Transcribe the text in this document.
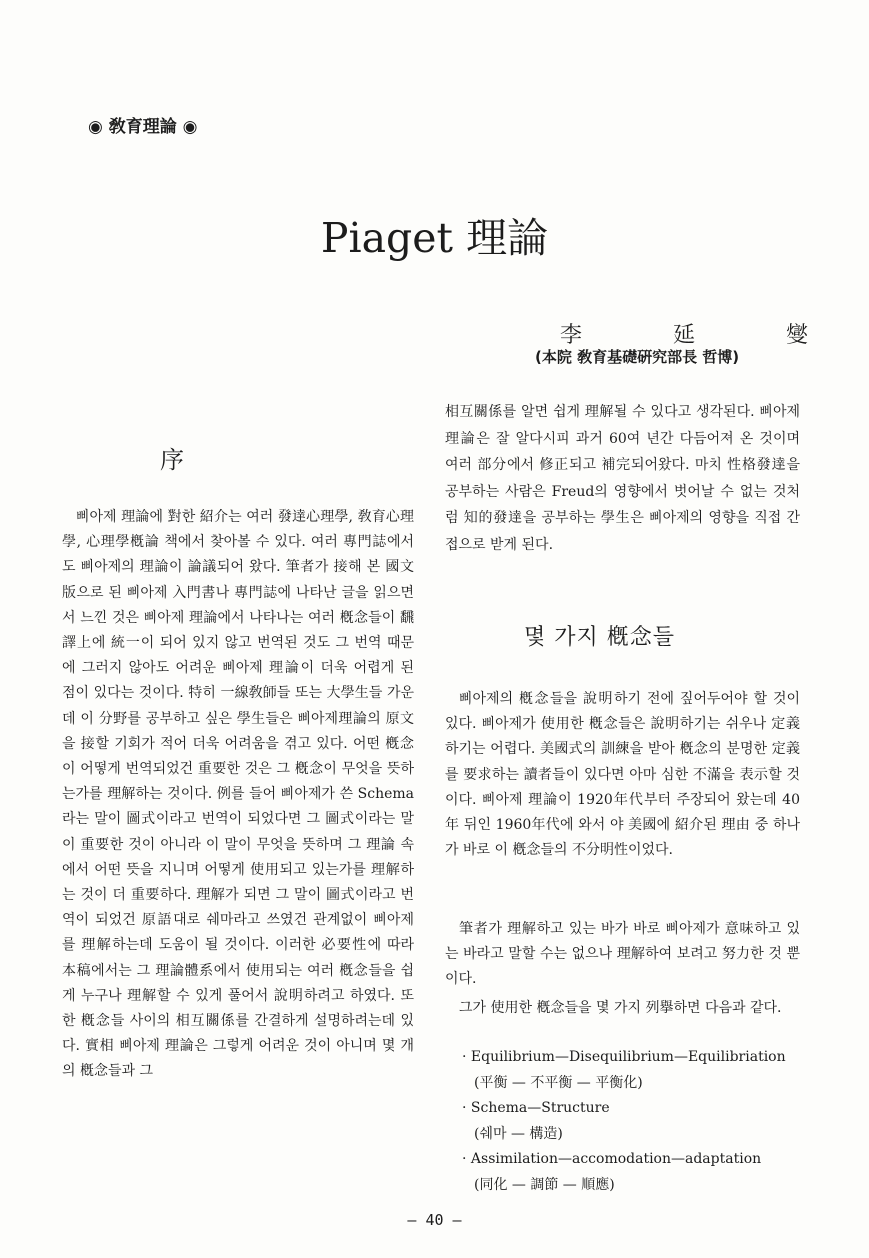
◉ 敎育理論 ◉
Piaget 理論
李 延 燮
(本院 敎育基礎硏究部長 哲博)
序

삐아제 理論에 對한 紹介는 여러 發達心理學, 敎育心理學, 心理學槪論 책에서 찾아볼 수 있다. 여러 專門誌에서도 삐아제의 理論이 論議되어 왔다. 筆者가 接해 본 國文版으로 된 삐아제 入門書나 專門誌에 나타난 글을 읽으면서 느낀 것은 삐아제 理論에서 나타나는 여러 槪念들이 飜譯上에 統一이 되어 있지 않고 번역된 것도 그 번역 때문에 그러지 않아도 어려운 삐아제 理論이 더욱 어렵게 된 점이 있다는 것이다. 特히 一線敎師들 또는 大學生들 가운데 이 分野를 공부하고 싶은 學生들은 삐아제理論의 原文을 接할 기회가 적어 더욱 어려움을 겪고 있다. 어떤 槪念이 어떻게 번역되었건 重要한 것은 그 槪念이 무엇을 뜻하는가를 理解하는 것이다. 例를 들어 삐아제가 쓴 Schema라는 말이 圖式이라고 번역이 되었다면 그 圖式이라는 말이 重要한 것이 아니라 이 말이 무엇을 뜻하며 그 理論 속에서 어떤 뜻을 지니며 어떻게 使用되고 있는가를 理解하는 것이 더 重要하다. 理解가 되면 그 말이 圖式이라고 번역이 되었건 原語대로 쉐마라고 쓰였건 관계없이 삐아제를 理解하는데 도움이 될 것이다. 이러한 必要性에 따라 本稿에서는 그 理論體系에서 使用되는 여러 槪念들을 쉽게 누구나 理解할 수 있게 풀어서 說明하려고 하였다. 또한 槪念들 사이의 相互關係를 간결하게 설명하려는데 있다. 實相 삐아제 理論은 그렇게 어려운 것이 아니며 몇 개의 槪念들과 그

相互關係를 알면 쉽게 理解될 수 있다고 생각된다. 삐아제 理論은 잘 알다시피 과거 60여 년간 다듬어져 온 것이며 여러 部分에서 修正되고 補完되어왔다. 마치 性格發達을 공부하는 사람은 Freud의 영향에서 벗어날 수 없는 것처럼 知的發達을 공부하는 學生은 삐아제의 영향을 직접 간접으로 받게 된다.

몇 가지 槪念들

삐아제의 槪念들을 說明하기 전에 짚어두어야 할 것이 있다. 삐아제가 使用한 槪念들은 說明하기는 쉬우나 定義하기는 어렵다. 美國式의 訓練을 받아 槪念의 분명한 定義를 要求하는 讀者들이 있다면 아마 심한 不滿을 表示할 것이다. 삐아제 理論이 1920年代부터 주장되어 왔는데 40年 뒤인 1960年代에 와서 야 美國에 紹介된 理由 중 하나가 바로 이 槪念들의 不分明性이었다.

筆者가 理解하고 있는 바가 바로 삐아제가 意味하고 있는 바라고 말할 수는 없으나 理解하여 보려고 努力한 것 뿐이다.

그가 使用한 槪念들을 몇 가지 列擧하면 다음과 같다.

· Equilibrium—Disequilibrium—Equilibriation
(平衡 — 不平衡 — 平衡化)
· Schema—Structure
(쉐마 — 構造)
· Assimilation—accomodation—adaptation
(同化 — 調節 — 順應)
— 40 —
